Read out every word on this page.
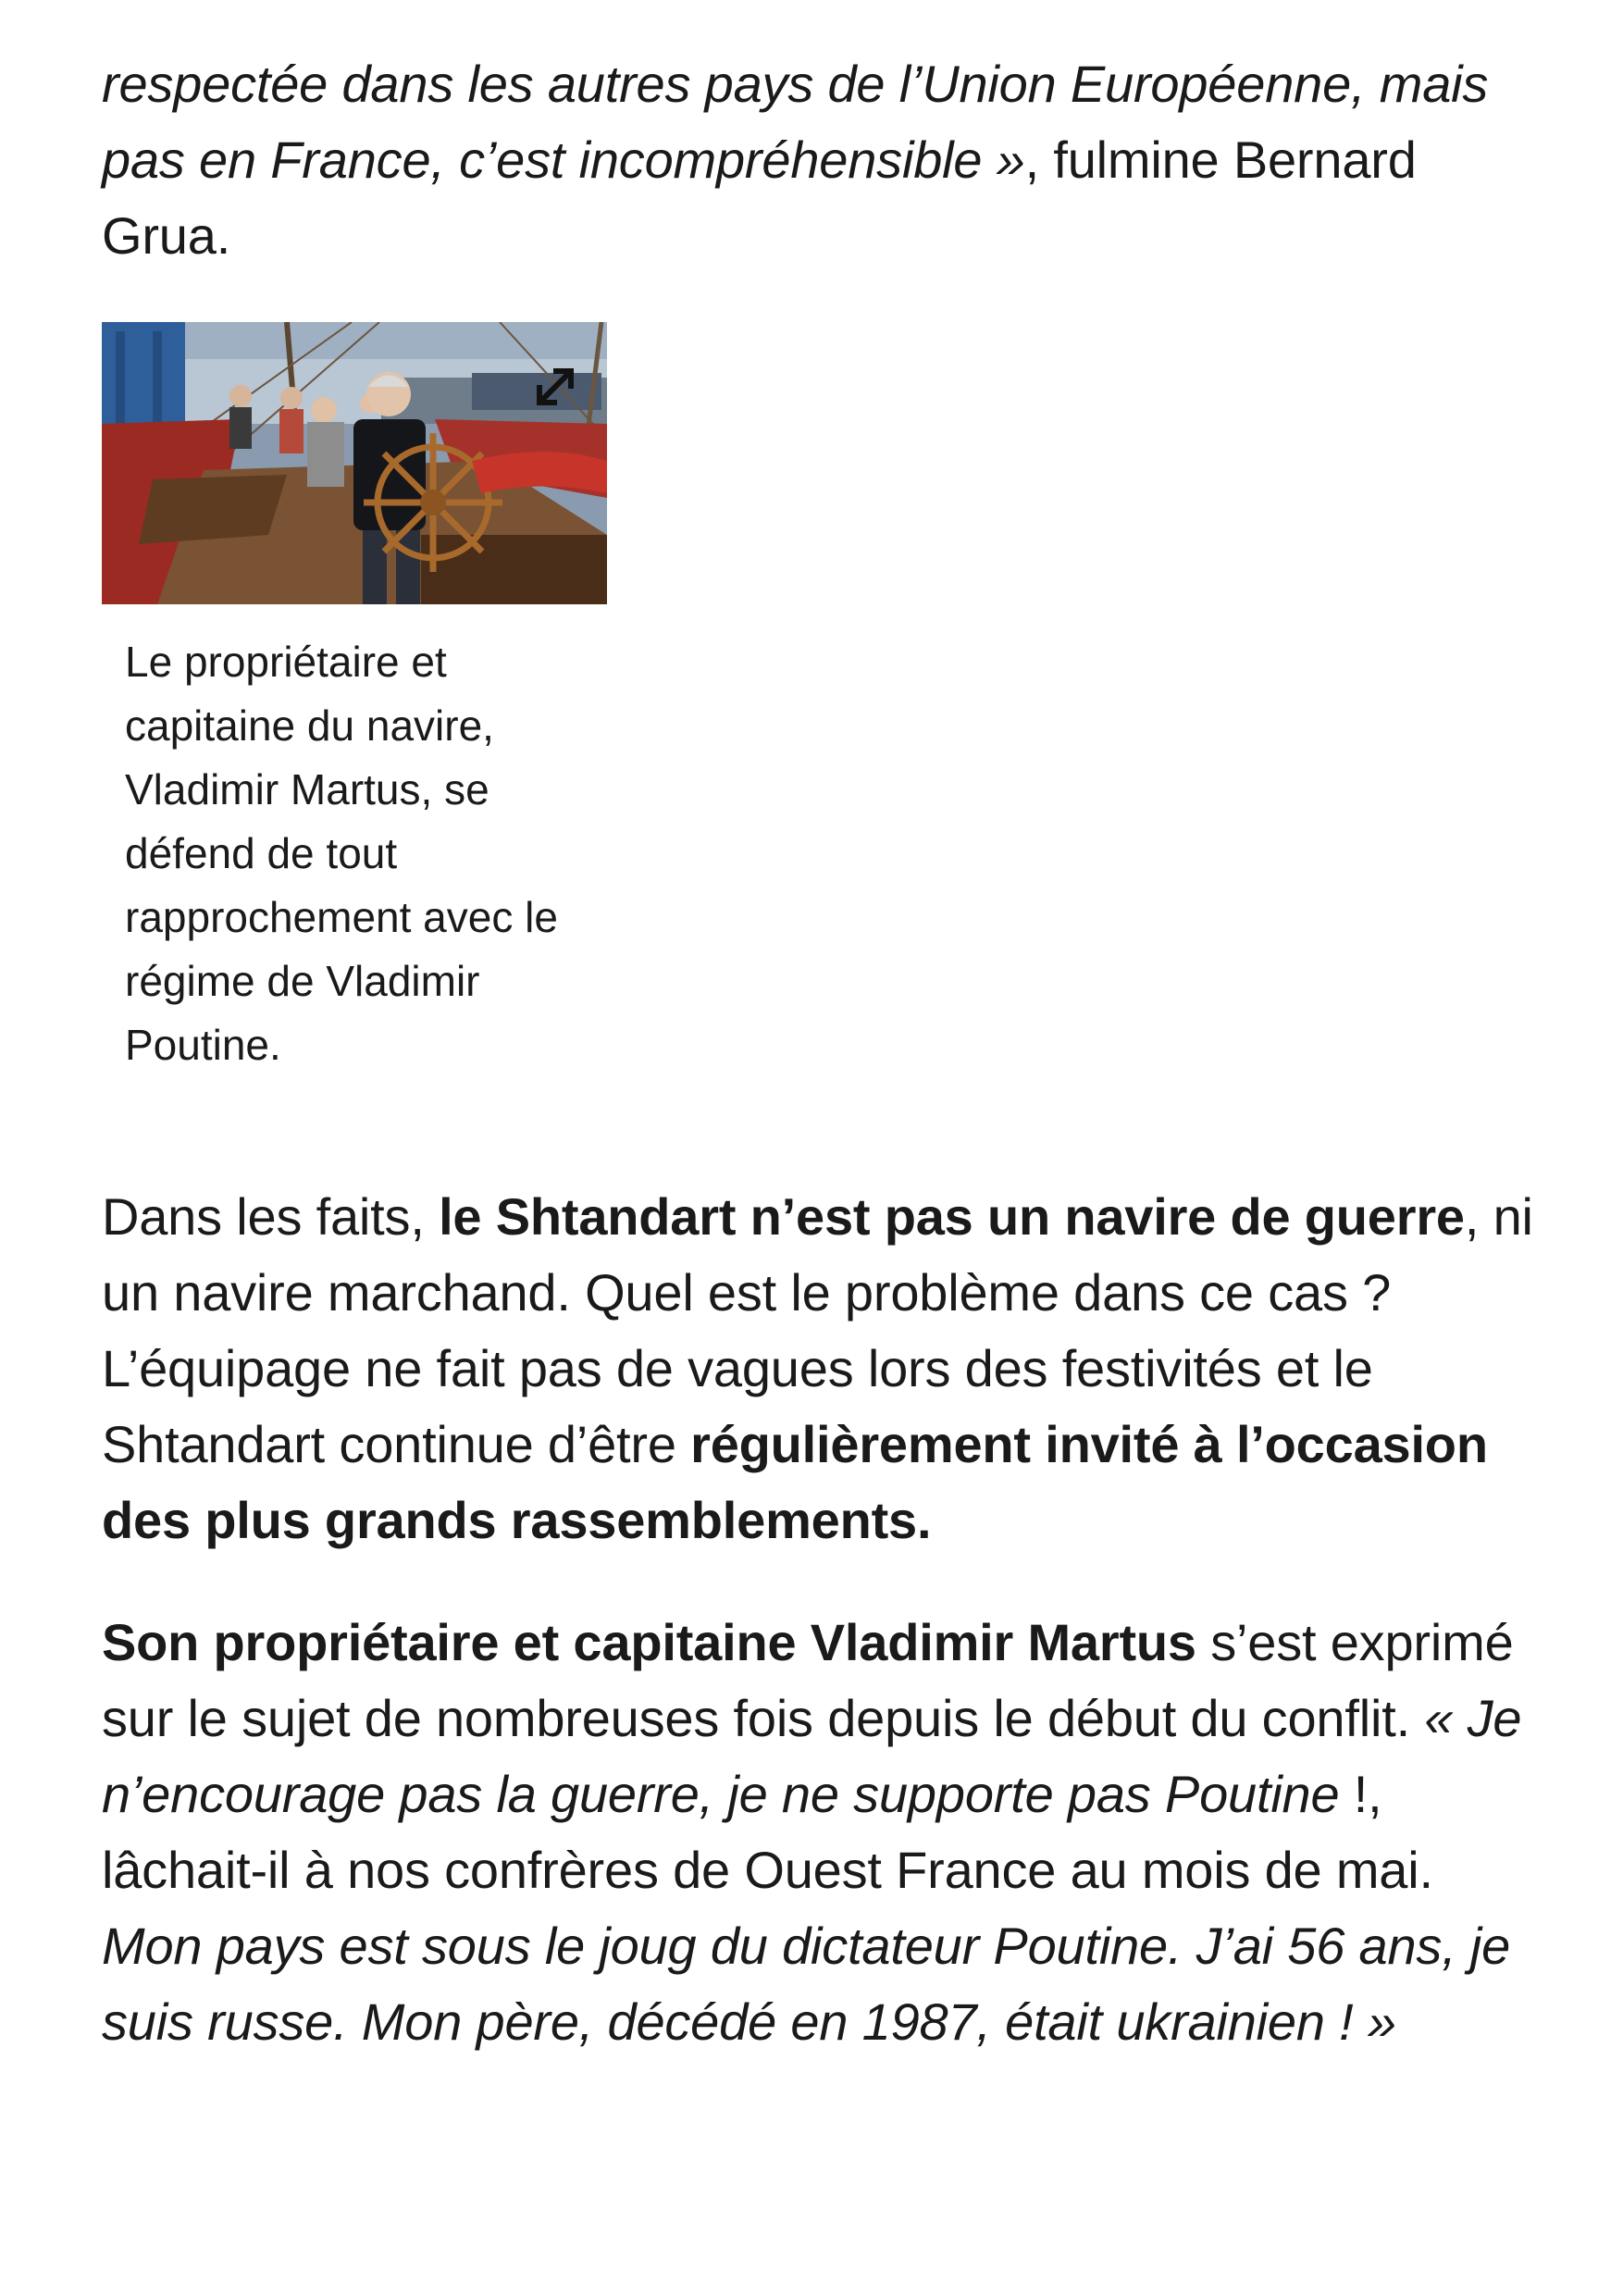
respectée dans les autres pays de l’Union Européenne, mais pas en France, c’est incompréhensible », fulmine Bernard Grua.

Le propriétaire et capitaine du navire, Vladimir Martus, se défend de tout rapprochement avec le régime de Vladimir Poutine.

Dans les faits, le Shtandart n’est pas un navire de guerre, ni un navire marchand. Quel est le problème dans ce cas ? L’équipage ne fait pas de vagues lors des festivités et le Shtandart continue d’être régulièrement invité à l’occasion des plus grands rassemblements.

Son propriétaire et capitaine Vladimir Martus s’est exprimé sur le sujet de nombreuses fois depuis le début du conflit. « Je n’encourage pas la guerre, je ne supporte pas Poutine !, lâchait-il à nos confrères de Ouest France au mois de mai. Mon pays est sous le joug du dictateur Poutine. J’ai 56 ans, je suis russe. Mon père, décédé en 1987, était ukrainien ! »
